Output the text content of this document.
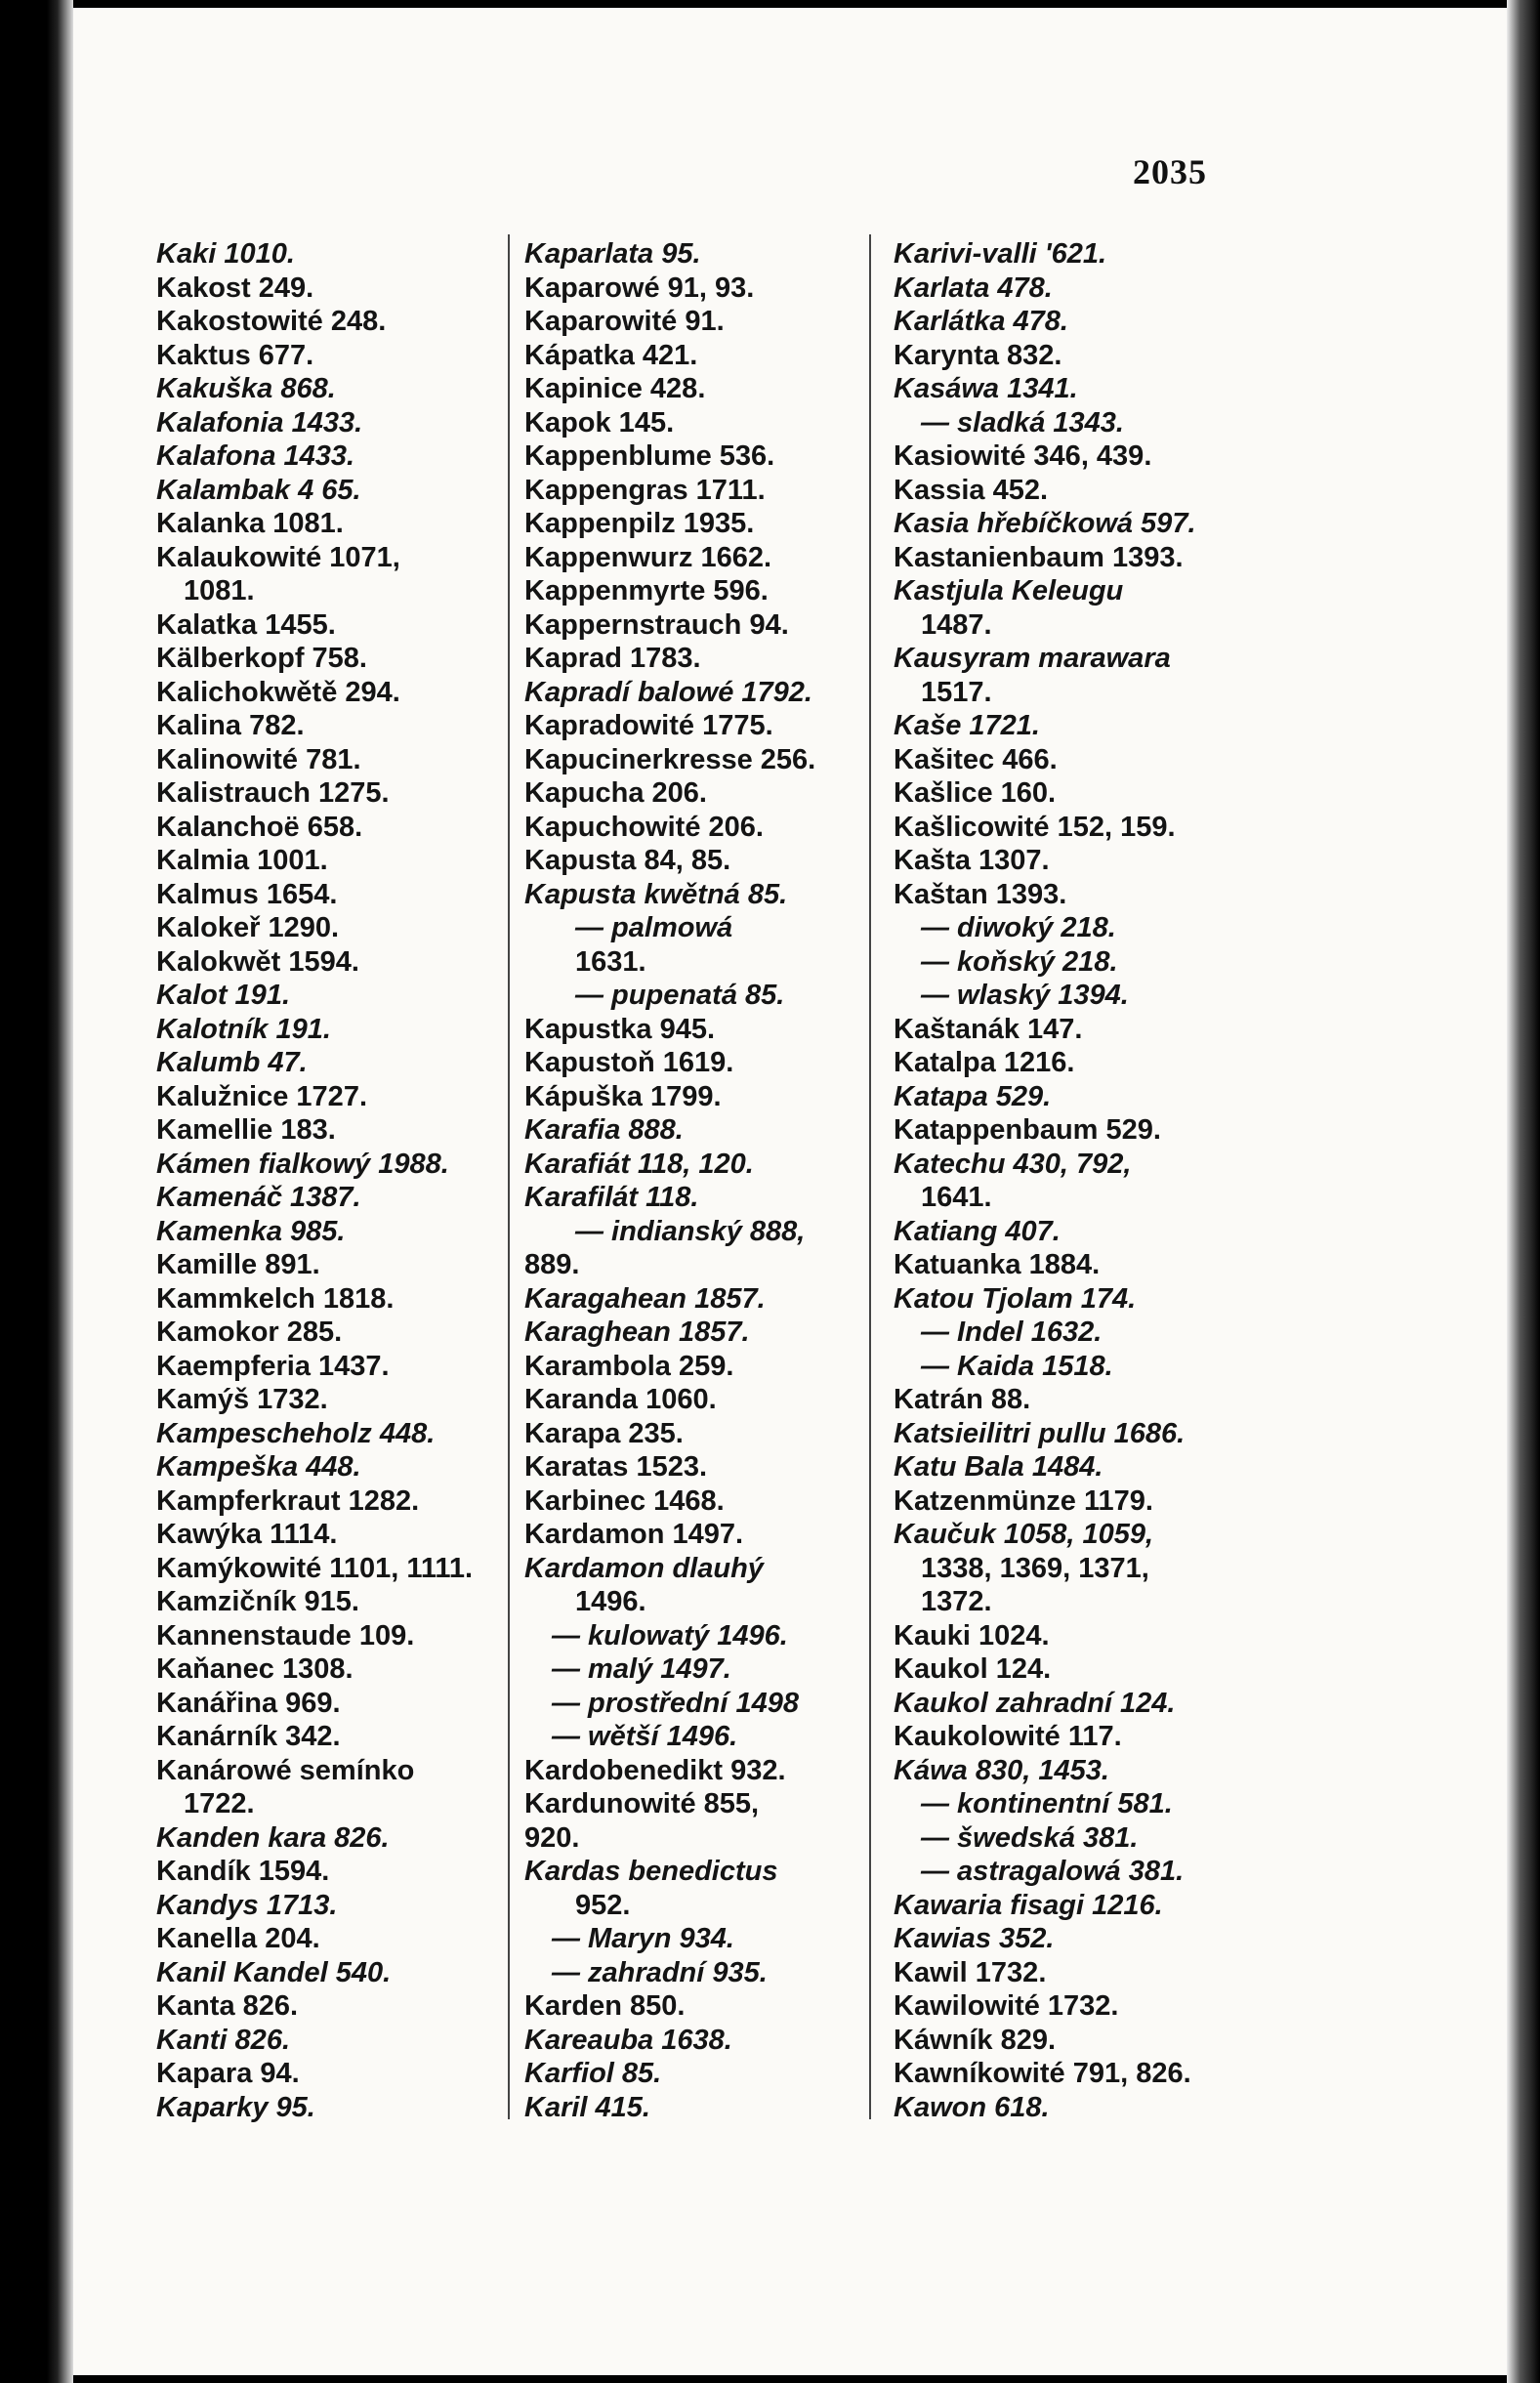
2035
Kaki 1010.
Kakost 249.
Kakostowité 248.
Kaktus 677.
Kakuška 868.
Kalafonia 1433.
Kalafona 1433.
Kalambak 4 65.
Kalanka 1081.
Kalaukowité 1071,
1081.
Kalatka 1455.
Kälberkopf 758.
Kalichokwětě 294.
Kalina 782.
Kalinowité 781.
Kalistrauch 1275.
Kalanchoë 658.
Kalmia 1001.
Kalmus 1654.
Kalokeř 1290.
Kalokwět 1594.
Kalot 191.
Kalotník 191.
Kalumb 47.
Kalužnice 1727.
Kamellie 183.
Kámen fialkowý 1988.
Kamenáč 1387.
Kamenka 985.
Kamille 891.
Kammkelch 1818.
Kamokor 285.
Kaempferia 1437.
Kamýš 1732.
Kampescheholz 448.
Kampeška 448.
Kampferkraut 1282.
Kawýka 1114.
Kamýkowité 1101, 1111.
Kamzičník 915.
Kannenstaude 109.
Kaňanec 1308.
Kanářina 969.
Kanárník 342.
Kanárowé semínko
1722.
Kanden kara 826.
Kandík 1594.
Kandys 1713.
Kanella 204.
Kanil Kandel 540.
Kanta 826.
Kanti 826.
Kapara 94.
Kaparky 95.
Kaparlata 95.
Kaparowé 91, 93.
Kaparowité 91.
Kápatka 421.
Kapinice 428.
Kapok 145.
Kappenblume 536.
Kappengras 1711.
Kappenpilz 1935.
Kappenwurz 1662.
Kappenmyrte 596.
Kappernstrauch 94.
Kaprad 1783.
Kapradí balowé 1792.
Kapradowité 1775.
Kapucinerkresse 256.
Kapucha 206.
Kapuchowité 206.
Kapusta 84, 85.
Kapusta kwětná 85.
— palmowá
1631.
— pupenatá 85.
Kapustka 945.
Kapustoň 1619.
Kápuška 1799.
Karafia 888.
Karafiát 118, 120.
Karafilát 118.
— indianský 888,
889.
Karagahean 1857.
Karaghean 1857.
Karambola 259.
Karanda 1060.
Karapa 235.
Karatas 1523.
Karbinec 1468.
Kardamon 1497.
Kardamon dlauhý
1496.
— kulowatý 1496.
— malý 1497.
— prostřední 1498
— wětší 1496.
Kardobenedikt 932.
Kardunowité 855,
920.
Kardas benedictus
952.
— Maryn 934.
— zahradní 935.
Karden 850.
Kareauba 1638.
Karfiol 85.
Karil 415.
Karivi-valli '621.
Karlata 478.
Karlátka 478.
Karynta 832.
Kasáwa 1341.
— sladká 1343.
Kasiowité 346, 439.
Kassia 452.
Kasia hřebíčkowá 597.
Kastanienbaum 1393.
Kastjula Keleugu
1487.
Kausyram marawara
1517.
Kaše 1721.
Kašitec 466.
Kašlice 160.
Kašlicowité 152, 159.
Kašta 1307.
Kaštan 1393.
— diwoký 218.
— koňský 218.
— wlaský 1394.
Kaštanák 147.
Katalpa 1216.
Katapa 529.
Katappenbaum 529.
Katechu 430, 792,
1641.
Katiang 407.
Katuanka 1884.
Katou Tjolam 174.
— Indel 1632.
— Kaida 1518.
Katrán 88.
Katsieilitri pullu 1686.
Katu Bala 1484.
Katzenmünze 1179.
Kaučuk 1058, 1059,
1338, 1369, 1371,
1372.
Kauki 1024.
Kaukol 124.
Kaukol zahradní 124.
Kaukolowité 117.
Káwa 830, 1453.
— kontinentní 581.
— šwedská 381.
— astragalowá 381.
Kawaria fisagi 1216.
Kawias 352.
Kawil 1732.
Kawilowité 1732.
Káwník 829.
Kawníkowité 791, 826.
Kawon 618.
